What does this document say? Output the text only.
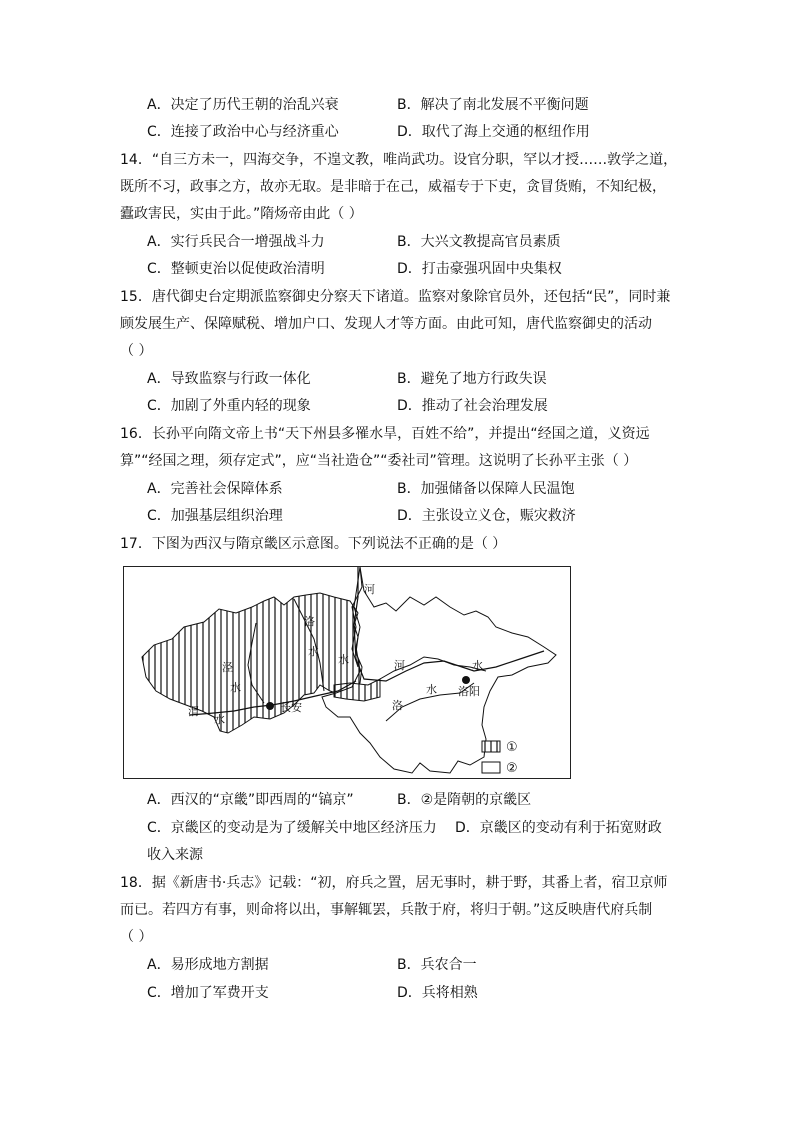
A．决定了历代王朝的治乱兴衰	B．解决了南北发展不平衡问题
C．连接了政治中心与经济重心	D．取代了海上交通的枢纽作用
14．“自三方未一，四海交争，不遑文教，唯尚武功。设官分职，罕以才授……敦学之道，
既所不习，政事之方，故亦无取。是非暗于在己，威福专于下吏，贪冒货贿，不知纪极，
蠹政害民，实由于此。”隋炀帝由此（ ）
A．实行兵民合一增强战斗力	B．大兴文教提高官员素质
C．整顿吏治以促使政治清明	D．打击豪强巩固中央集权
15．唐代御史台定期派监察御史分察天下诸道。监察对象除官员外，还包括“民”，同时兼
顾发展生产、保障赋税、增加户口、发现人才等方面。由此可知，唐代监察御史的活动
（ ）
A．导致监察与行政一体化	B．避免了地方行政失误
C．加剧了外重内轻的现象	D．推动了社会治理发展
16．长孙平向隋文帝上书“天下州县多罹水旱，百姓不给”，并提出“经国之道，义资远
算”“经国之理，须存定式”，应“当社造仓”“委社司”管理。这说明了长孙平主张（ ）
A．完善社会保障体系	B．加强储备以保障人民温饱
C．加强基层组织治理	D．主张设立义仓，赈灾救济
17．下图为西汉与隋京畿区示意图。下列说法不正确的是（ ）
河
洛
泾
水
水
水	河	水
渭
水
长安	洛
水 洛阳
①
②
A．西汉的“京畿”即西周的“镐京”	B．②是隋朝的京畿区
C．京畿区的变动是为了缓解关中地区经济压力 D．京畿区的变动有利于拓宽财政
收入来源
18．据《新唐书·兵志》记载：“初，府兵之置，居无事时，耕于野，其番上者，宿卫京师
而已。若四方有事，则命将以出，事解辄罢，兵散于府，将归于朝。”这反映唐代府兵制
（ ）
A．易形成地方割据	B．兵农合一
C．增加了军费开支	D．兵将相熟
